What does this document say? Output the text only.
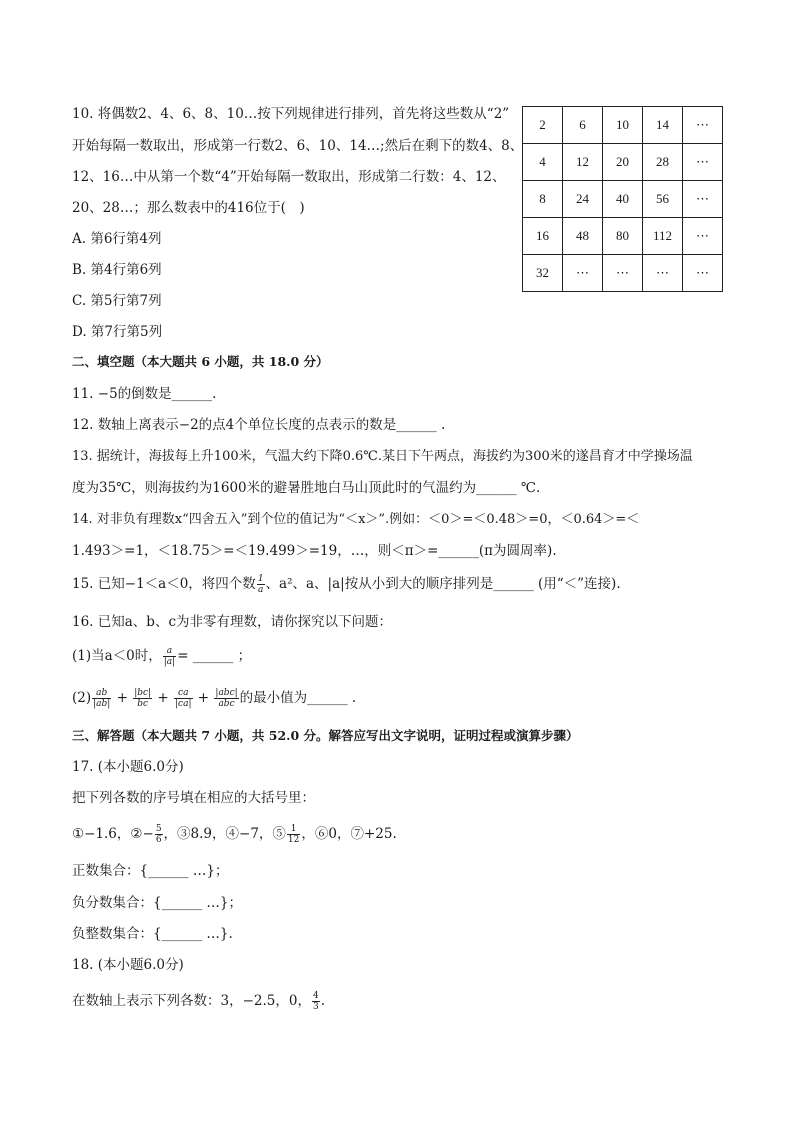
10. 将偶数2、4、6、8、10…按下列规律进行排列，首先将这些数从“2”
开始每隔一数取出，形成第一行数2、6、10、14…;然后在剩下的数4、8、
12、16…中从第一个数“4”开始每隔一数取出，形成第二行数：4、12、
20、28…；那么数表中的416位于(　)
A. 第6行第4列
B. 第4行第6列
C. 第5行第7列
D. 第7行第5列
2	6	10	14	⋯
4	12	20	28	⋯
8	24	40	56	⋯
16	48	80	112	⋯
32	⋯	⋯	⋯	⋯
二、填空题（本大题共 6 小题，共 18.0 分）
11. −5的倒数是______.
12. 数轴上离表示−2的点4个单位长度的点表示的数是______ .
13. 据统计，海拔每上升100米，气温大约下降0.6℃.某日下午两点，海拔约为300米的遂昌育才中学操场温
度为35℃，则海拔约为1600米的避暑胜地白马山顶此时的气温约为______ ℃.
14. 对非负有理数x“四舍五入”到个位的值记为“＜x＞”.例如：＜0＞=＜0.48＞=0，＜0.64＞=＜
1.493＞=1，＜18.75＞=＜19.499＞=19，…，则＜π＞=______(π为圆周率).
15. 已知−1＜a＜0，将四个数 $\frac{1}{a}$ 、a²、a、|a|按从小到大的顺序排列是______ (用“＜”连接).
16. 已知a、b、c为非零有理数，请你探究以下问题：
(1)当a＜0时， $\frac{a}{|a|}$ = ______ ；
$(2) \frac{ab}{|ab|} + \frac{|bc|}{bc} + \frac{ca}{|ca|} + \frac{\text{|abc|}}{\text{abc}}$ 的最小值为______ .
三、解答题（本大题共 7 小题，共 52.0 分。解答应写出文字说明，证明过程或演算步骤）
17. (本小题6.0分)
把下列各数的序号填在相应的大括号里：
①−1.6，②− $\frac{5}{6}$ ，③8.9，④−7，⑤ $\frac{1}{12}$ ，⑥0，⑦+25.
正数集合：{______ …}；
负分数集合：{______ …}；
负整数集合：{______ …}.
18. (本小题6.0分)
在数轴上表示下列各数：3，−2.5，0， $\frac{4}{3}$ .
